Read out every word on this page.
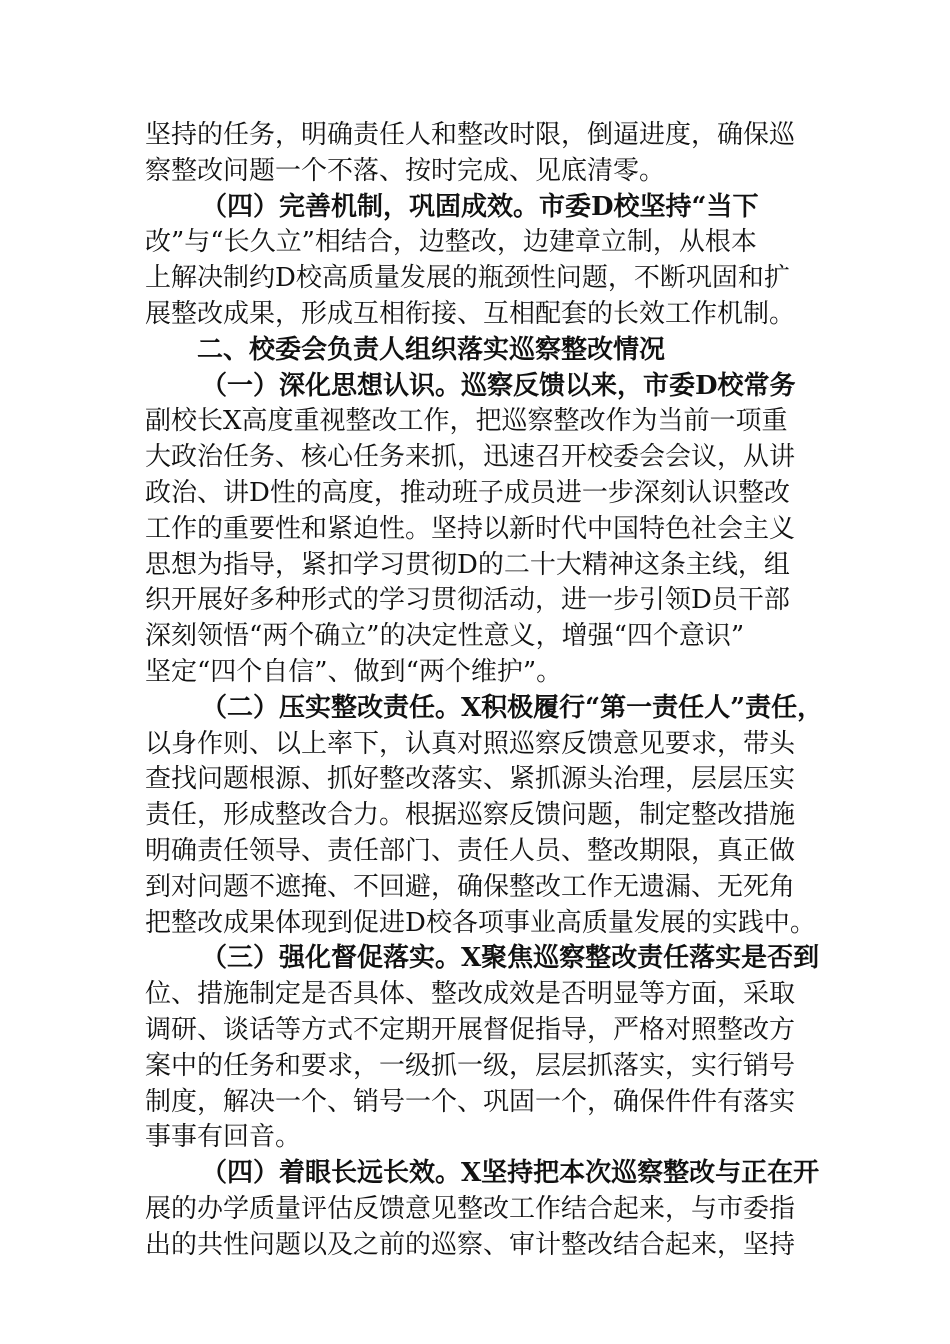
坚持的任务，明确责任人和整改时限，倒逼进度，确保巡
察整改问题一个不落、按时完成、见底清零。
（四）完善机制，巩固成效。市委D校坚持“当下
改”与“长久立”相结合，边整改，边建章立制，从根本
上解决制约D校高质量发展的瓶颈性问题，不断巩固和扩
展整改成果，形成互相衔接、互相配套的长效工作机制。
二、校委会负责人组织落实巡察整改情况
（一）深化思想认识。巡察反馈以来，市委D校常务
副校长X高度重视整改工作，把巡察整改作为当前一项重
大政治任务、核心任务来抓，迅速召开校委会会议，从讲
政治、讲D性的高度，推动班子成员进一步深刻认识整改
工作的重要性和紧迫性。坚持以新时代中国特色社会主义
思想为指导，紧扣学习贯彻D的二十大精神这条主线，组
织开展好多种形式的学习贯彻活动，进一步引领D员干部
深刻领悟“两个确立”的决定性意义，增强“四个意识”
坚定“四个自信”、做到“两个维护”。
（二）压实整改责任。X积极履行“第一责任人”责任，
以身作则、以上率下，认真对照巡察反馈意见要求，带头
查找问题根源、抓好整改落实、紧抓源头治理，层层压实
责任，形成整改合力。根据巡察反馈问题，制定整改措施
明确责任领导、责任部门、责任人员、整改期限，真正做
到对问题不遮掩、不回避，确保整改工作无遗漏、无死角
把整改成果体现到促进D校各项事业高质量发展的实践中。
（三）强化督促落实。X聚焦巡察整改责任落实是否到
位、措施制定是否具体、整改成效是否明显等方面，采取
调研、谈话等方式不定期开展督促指导，严格对照整改方
案中的任务和要求，一级抓一级，层层抓落实，实行销号
制度，解决一个、销号一个、巩固一个，确保件件有落实
事事有回音。
（四）着眼长远长效。X坚持把本次巡察整改与正在开
展的办学质量评估反馈意见整改工作结合起来，与市委指
出的共性问题以及之前的巡察、审计整改结合起来，坚持
